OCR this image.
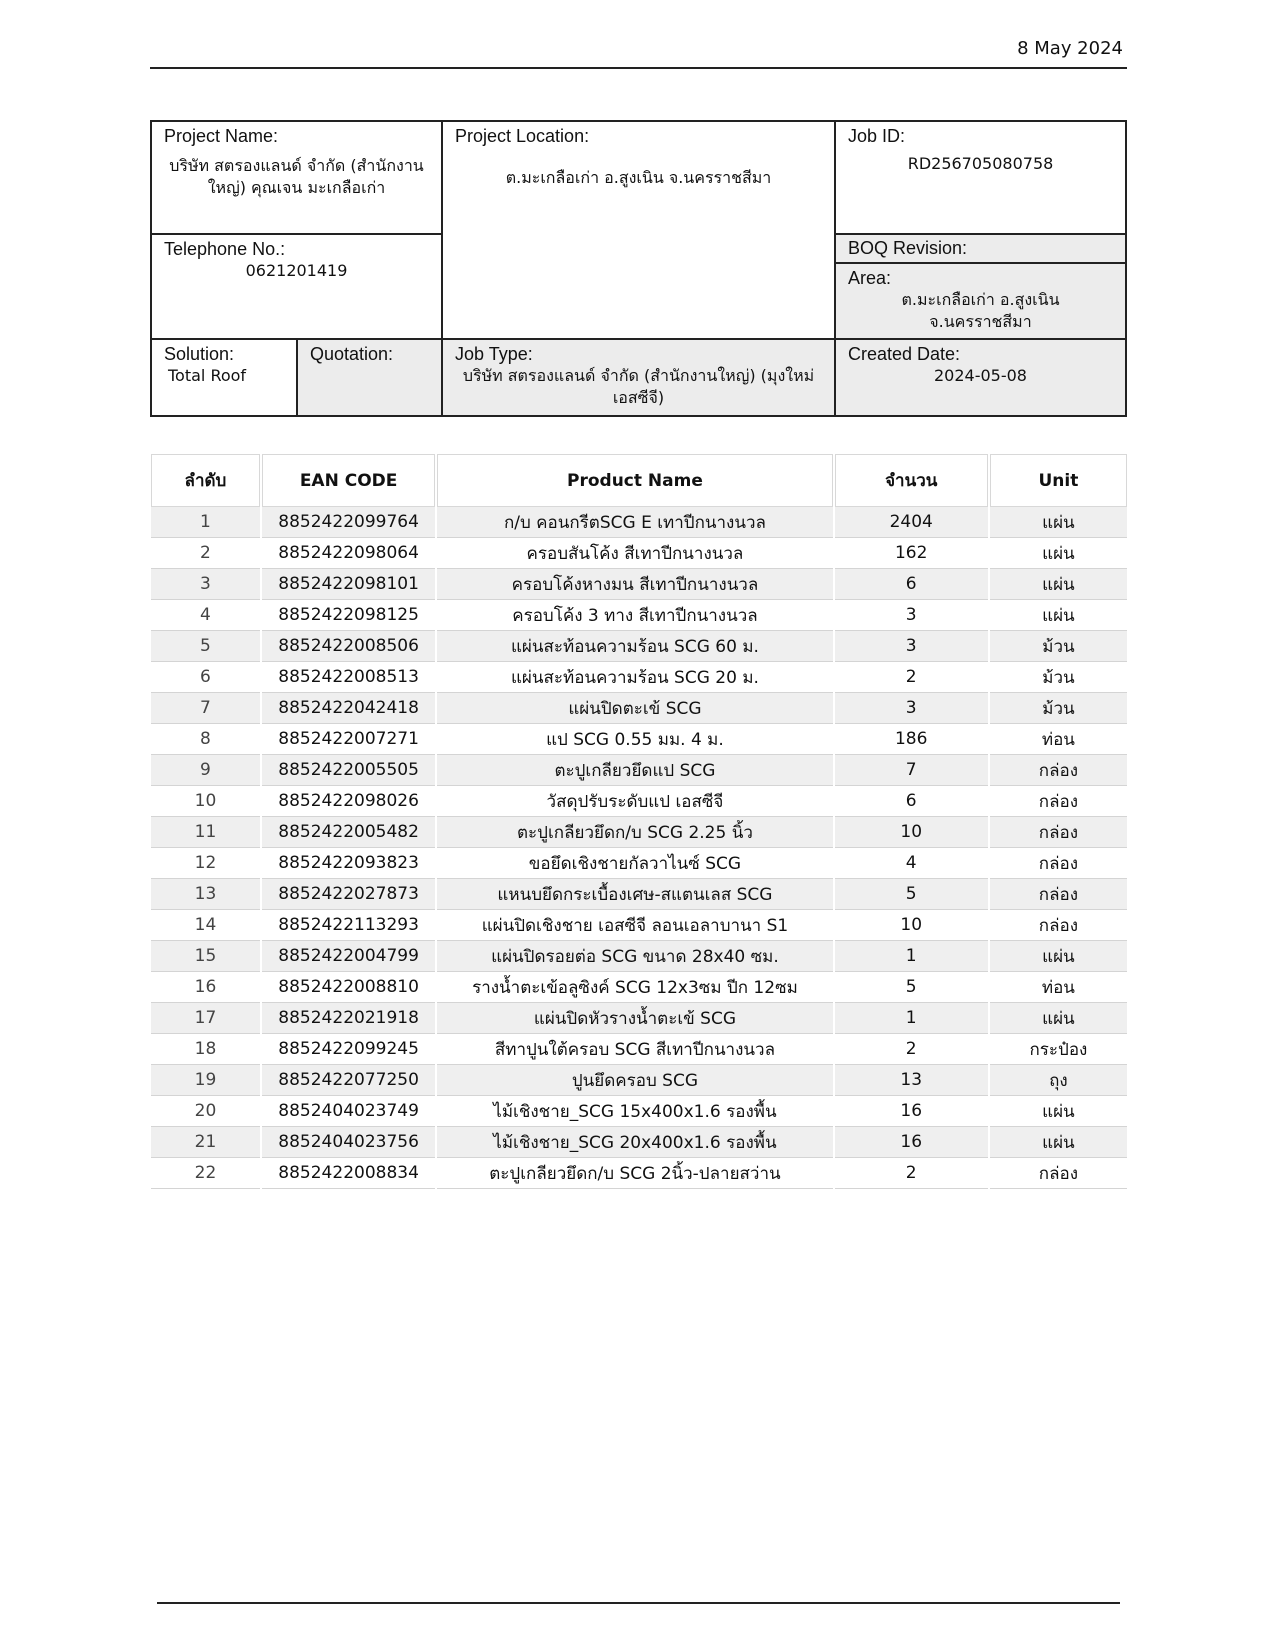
8 May 2024
Project Name:
บริษัท สตรองแลนด์ จำกัด (สำนักงานใหญ่) คุณเจน มะเกลือเก่า
Project Location:
ต.มะเกลือเก่า อ.สูงเนิน จ.นครราชสีมา
Job ID:
RD256705080758
Telephone No.:
0621201419
BOQ Revision:
Area:
ต.มะเกลือเก่า อ.สูงเนิน จ.นครราชสีมา
Solution:
Total Roof
Quotation:	Job Type:
บริษัท สตรองแลนด์ จำกัด (สำนักงานใหญ่) (มุงใหม่เอสซีจี)
Created Date:
2024-05-08
ลำดับ	EAN CODE	Product Name	จำนวน	Unit
1	8852422099764	ก/บ คอนกรีตSCG E เทาปีกนางนวล	2404	แผ่น
2	8852422098064	ครอบสันโค้ง สีเทาปีกนางนวล	162	แผ่น
3	8852422098101	ครอบโค้งหางมน สีเทาปีกนางนวล	6	แผ่น
4	8852422098125	ครอบโค้ง 3 ทาง สีเทาปีกนางนวล	3	แผ่น
5	8852422008506	แผ่นสะท้อนความร้อน SCG 60 ม.	3	ม้วน
6	8852422008513	แผ่นสะท้อนความร้อน SCG 20 ม.	2	ม้วน
7	8852422042418	แผ่นปิดตะเข้ SCG	3	ม้วน
8	8852422007271	แป SCG 0.55 มม. 4 ม.	186	ท่อน
9	8852422005505	ตะปูเกลียวยึดแป SCG	7	กล่อง
10	8852422098026	วัสดุปรับระดับแป เอสซีจี	6	กล่อง
11	8852422005482	ตะปูเกลียวยึดก/บ SCG 2.25 นิ้ว	10	กล่อง
12	8852422093823	ขอยึดเชิงชายกัลวาไนซ์ SCG	4	กล่อง
13	8852422027873	แหนบยึดกระเบื้องเศษ-สแตนเลส SCG	5	กล่อง
14	8852422113293	แผ่นปิดเชิงชาย เอสซีจี ลอนเอลาบานา S1	10	กล่อง
15	8852422004799	แผ่นปิดรอยต่อ SCG ขนาด 28x40 ซม.	1	แผ่น
16	8852422008810	รางน้ำตะเข้อลูซิงค์ SCG 12x3ซม ปีก 12ซม	5	ท่อน
17	8852422021918	แผ่นปิดหัวรางน้ำตะเข้ SCG	1	แผ่น
18	8852422099245	สีทาปูนใต้ครอบ SCG สีเทาปีกนางนวล	2	กระป๋อง
19	8852422077250	ปูนยึดครอบ SCG	13	ถุง
20	8852404023749	ไม้เชิงชาย_SCG 15x400x1.6 รองพื้น	16	แผ่น
21	8852404023756	ไม้เชิงชาย_SCG 20x400x1.6 รองพื้น	16	แผ่น
22	8852422008834	ตะปูเกลียวยึดก/บ SCG 2นิ้ว-ปลายสว่าน	2	กล่อง
